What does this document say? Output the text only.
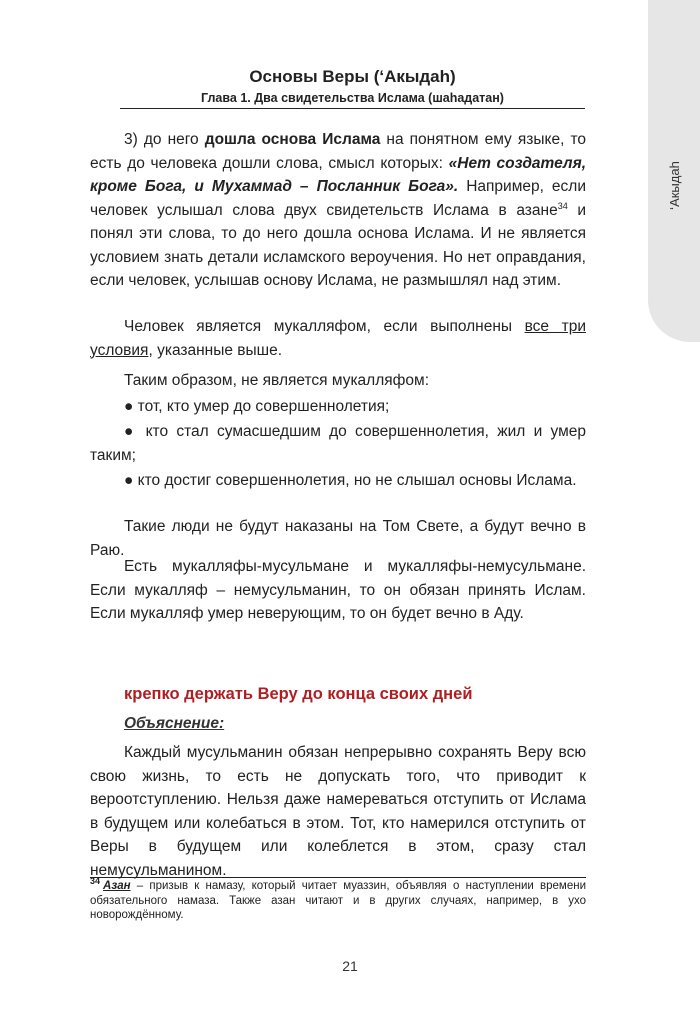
‘Акыдаh
Основы Веры (‘Акыдаh)
Глава 1. Два свидетельства Ислама (шаhадатан)

3) до него дошла основа Ислама на понятном ему языке, то есть до человека дошли слова, смысл которых: «Нет создателя, кроме Бога, и Мухаммад – Посланник Бога». Например, если человек услышал слова двух свидетельств Ислама в азане$^{34}$ и понял эти слова, то до него дошла основа Ислама. И не является условием знать детали исламского вероучения. Но нет оправдания, если человек, услышав основу Ислама, не размышлял над этим.

Человек является мукалляфом, если выполнены все три условия, указанные выше.

Таким образом, не является мукалляфом:

● тот, кто умер до совершеннолетия;

● кто стал сумасшедшим до совершеннолетия, жил и умер таким;

● кто достиг совершеннолетия, но не слышал основы Ислама.

Такие люди не будут наказаны на Том Свете, а будут вечно в Раю.

Есть мукалляфы-мусульмане и мукалляфы-немусульмане. Если мукалляф – немусульманин, то он обязан принять Ислам. Если мукалляф умер неверующим, то он будет вечно в Аду.

крепко держать Веру до конца своих дней
Объяснение:

Каждый мусульманин обязан непрерывно сохранять Веру всю свою жизнь, то есть не допускать того, что приводит к вероотступлению. Нельзя даже намереваться отступить от Ислама в будущем или колебаться в этом. Тот, кто намерился отступить от Веры в будущем или колеблется в этом, сразу стал немусульманином.

$^{34}$ Азан – призыв к намазу, который читает муаззин, объявляя о наступлении времени обязательного намаза. Также азан читают и в других случаях, например, в ухо новорождённому.
21
